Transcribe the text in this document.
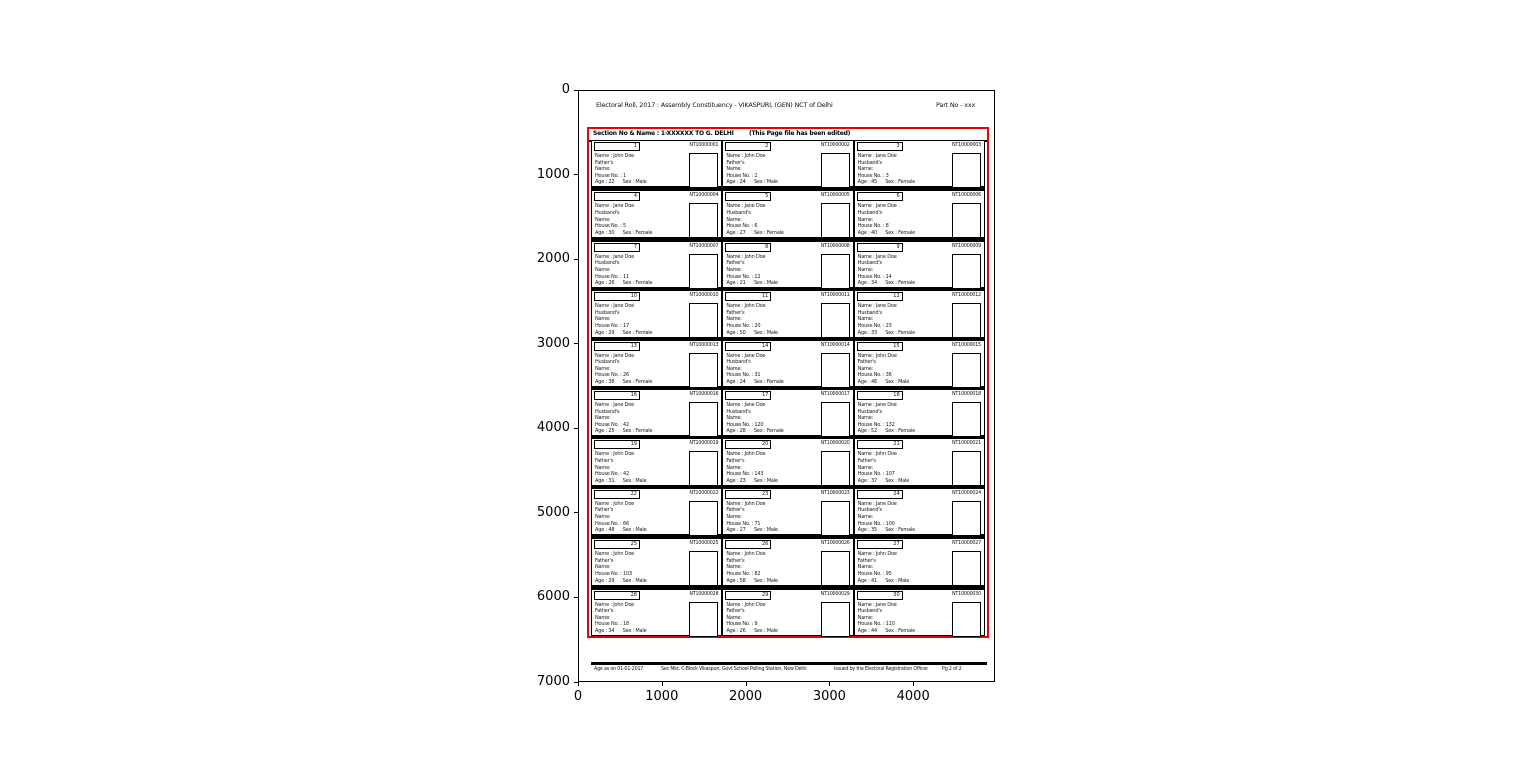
Electoral Roll, 2017 : Assembly Constituency - VIKASPURI, (GEN) NCT of Delhi	Part No - xxx
Section No & Name : 1-XXXXXX TO G. DELHI	(This Page file has been edited)
1	NT10000001
Name : John Doe
Father's
Name:
House No. : 1
Age : 22      Sex : Male
2	NT10000002
Name : John Doe
Father's
Name:
House No. : 2
Age : 24      Sex : Male
3	NT10000003
Name : Jane Doe
Husband's
Name:
House No. : 3
Age : 45      Sex : Female
4	NT10000004
Name : Jane Doe
Husband's
Name:
House No. : 5
Age : 30      Sex : Female
5	NT10000005
Name : Jane Doe
Husband's
Name:
House No. : 6
Age : 27      Sex : Female
6	NT10000006
Name : Jane Doe
Husband's
Name:
House No. : 8
Age : 40      Sex : Female
7	NT10000007
Name : Jane Doe
Husband's
Name:
House No. : 11
Age : 26      Sex : Female
8	NT10000008
Name : John Doe
Father's
Name:
House No. : 12
Age : 21      Sex : Male
9	NT10000009
Name : Jane Doe
Husband's
Name:
House No. : 14
Age : 34      Sex : Female
10	NT10000010
Name : Jane Doe
Husband's
Name:
House No. : 17
Age : 29      Sex : Female
11	NT10000011
Name : John Doe
Father's
Name:
House No. : 20
Age : 50      Sex : Male
12	NT10000012
Name : Jane Doe
Husband's
Name:
House No. : 23
Age : 33      Sex : Female
13	NT10000013
Name : Jane Doe
Husband's
Name:
House No. : 26
Age : 38      Sex : Female
14	NT10000014
Name : Jane Doe
Husband's
Name:
House No. : 31
Age : 24      Sex : Female
15	NT10000015
Name : John Doe
Father's
Name:
House No. : 36
Age : 46      Sex : Male
16	NT10000016
Name : Jane Doe
Husband's
Name:
House No. : 42
Age : 25      Sex : Female
17	NT10000017
Name : Jane Doe
Husband's
Name:
House No. : 120
Age : 28      Sex : Female
18	NT10000018
Name : Jane Doe
Husband's
Name:
House No. : 132
Age : 52      Sex : Female
19	NT10000019
Name : John Doe
Father's
Name:
House No. : 42
Age : 31      Sex : Male
20	NT10000020
Name : John Doe
Father's
Name:
House No. : 143
Age : 23      Sex : Male
21	NT10000021
Name : John Doe
Father's
Name:
House No. : 107
Age : 37      Sex : Male
22	NT10000022
Name : John Doe
Father's
Name:
House No. : 66
Age : 48      Sex : Male
23	NT10000023
Name : John Doe
Father's
Name:
House No. : 71
Age : 27      Sex : Male
24	NT10000024
Name : Jane Doe
Husband's
Name:
House No. : 100
Age : 35      Sex : Female
25	NT10000025
Name : John Doe
Father's
Name:
House No. : 103
Age : 29      Sex : Male
26	NT10000026
Name : John Doe
Father's
Name:
House No. : 82
Age : 58      Sex : Male
27	NT10000027
Name : John Doe
Father's
Name:
House No. : 95
Age : 41      Sex : Male
28	NT10000028
Name : John Doe
Father's
Name:
House No. : 18
Age : 34      Sex : Male
29	NT10000029
Name : John Doe
Father's
Name:
House No. : 9
Age : 26      Sex : Male
30	NT10000030
Name : Jane Doe
Husband's
Name:
House No. : 110
Age : 44      Sex : Female
Age as on 01-01-2017	Sec Mkt, C-Block Vikaspuri, Govt School Polling Station, New Delhi	Issued by the Electoral Registration Officer	Pg 2 of 2
0
1000
2000
3000
4000
5000
6000
7000
0	1000	2000	3000	4000
